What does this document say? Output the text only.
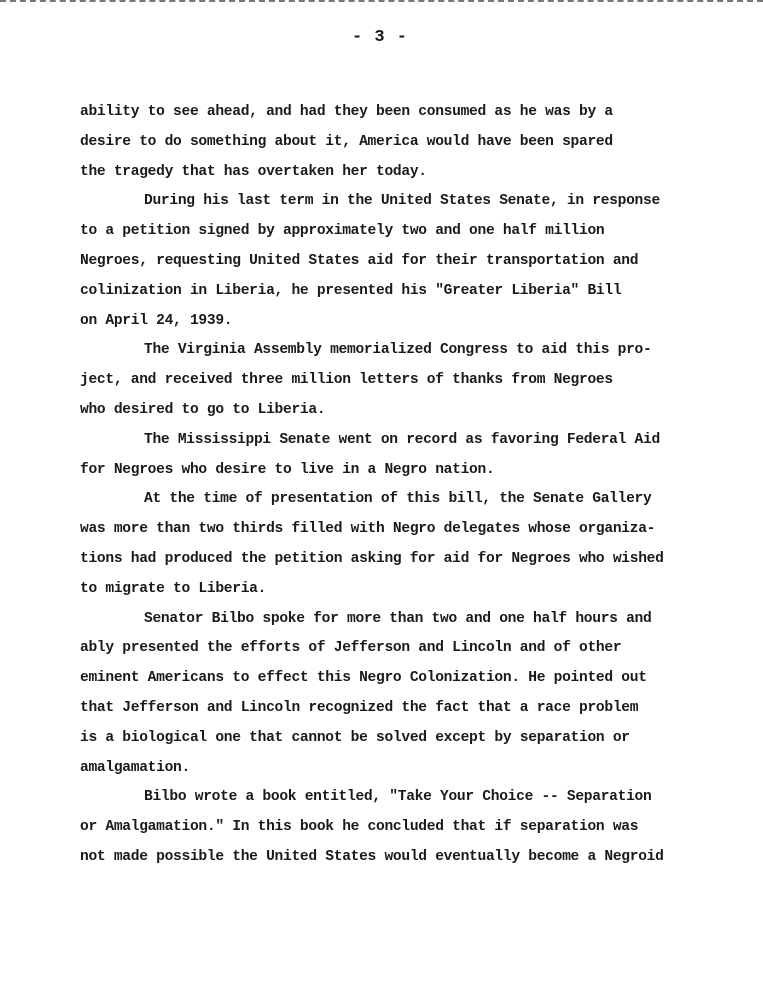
- 3 -
ability to see ahead, and had they been consumed as he was by a
desire to do something about it, America would have been spared
the tragedy that has overtaken her today.
During his last term in the United States Senate, in response
to a petition signed by approximately two and one half million
Negroes, requesting United States aid for their transportation and
colinization in Liberia, he presented his "Greater Liberia" Bill
on April 24, 1939.
The Virginia Assembly memorialized Congress to aid this pro-
ject, and received three million letters of thanks from Negroes
who desired to go to Liberia.
The Mississippi Senate went on record as favoring Federal Aid
for Negroes who desire to live in a Negro nation.
At the time of presentation of this bill, the Senate Gallery
was more than two thirds filled with Negro delegates whose organiza-
tions had produced the petition asking for aid for Negroes who wished
to migrate to Liberia.
Senator Bilbo spoke for more than two and one half hours and
ably presented the efforts of Jefferson and Lincoln and of other
eminent Americans to effect this Negro Colonization. He pointed out
that Jefferson and Lincoln recognized the fact that a race problem
is a biological one that cannot be solved except by separation or
amalgamation.
Bilbo wrote a book entitled, "Take Your Choice -- Separation
or Amalgamation." In this book he concluded that if separation was
not made possible the United States would eventually become a Negroid
